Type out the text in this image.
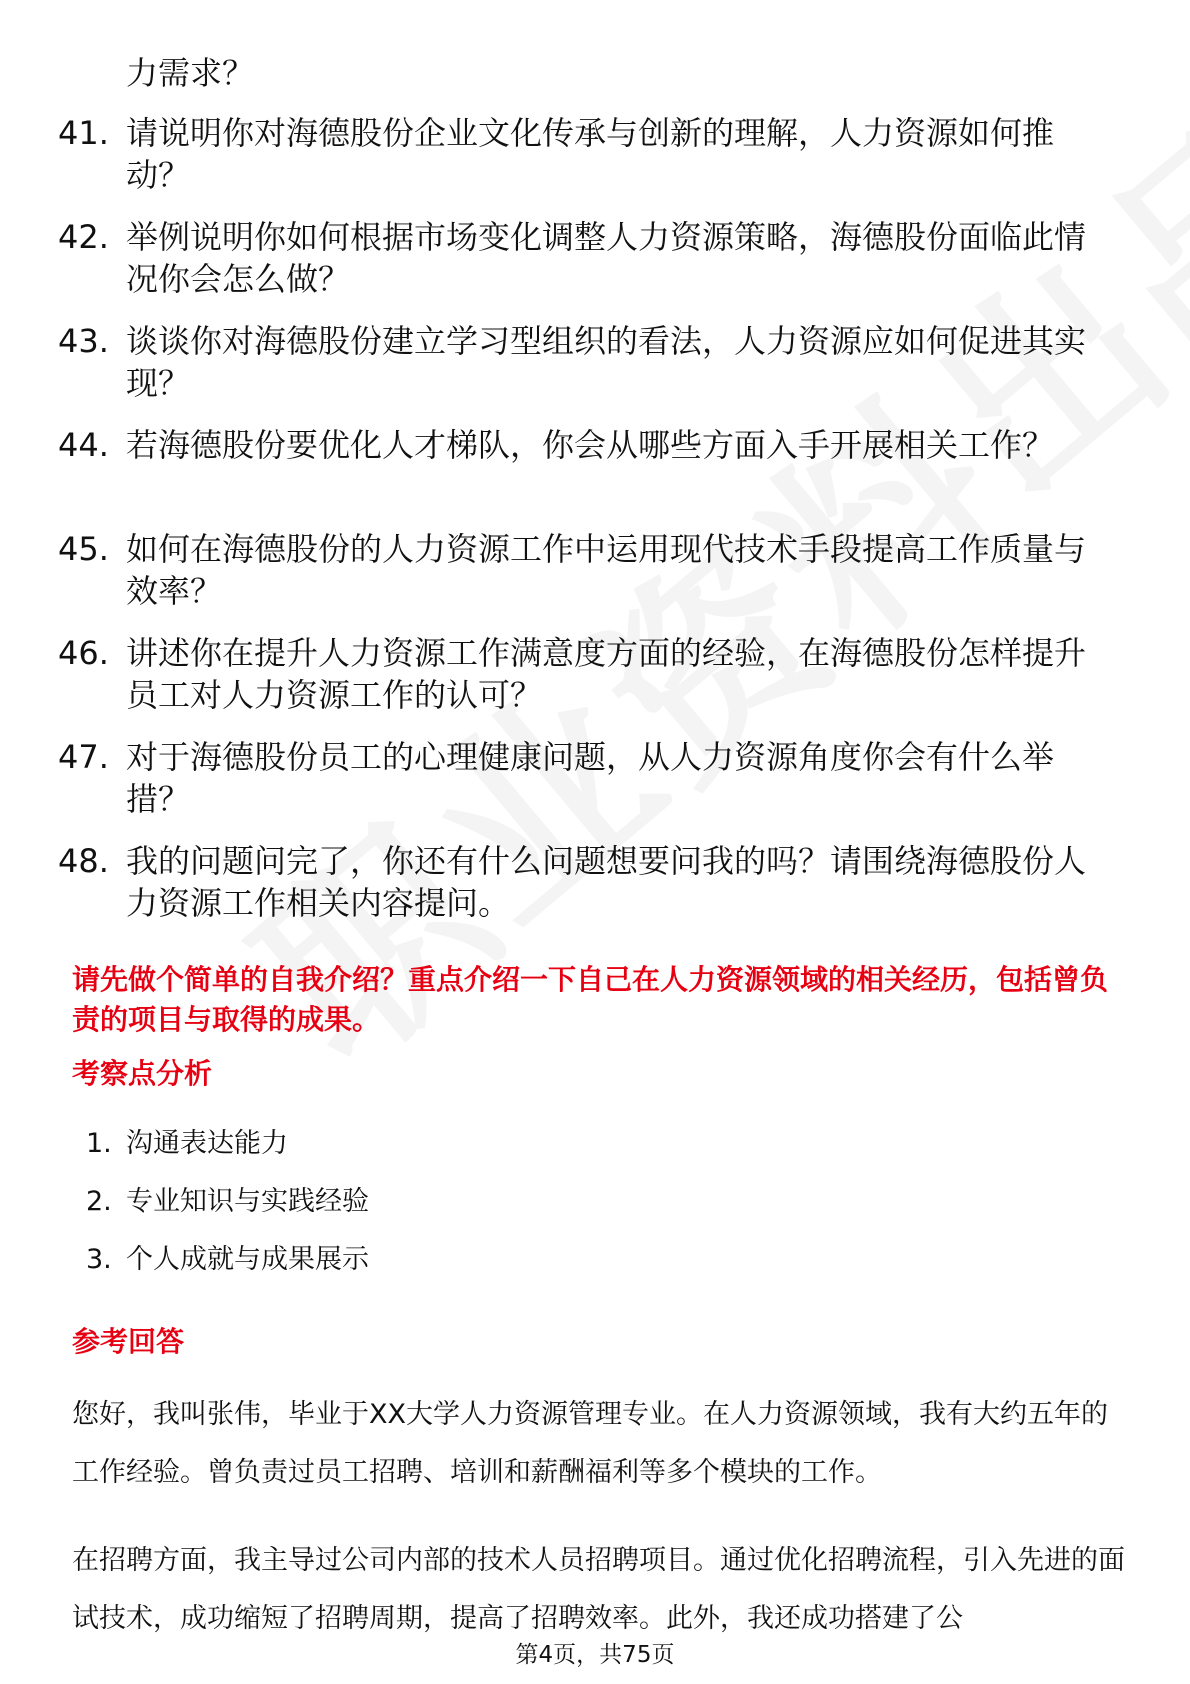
力需求？
41. 请说明你对海德股份企业文化传承与创新的理解，人力资源如何推动？
42. 举例说明你如何根据市场变化调整人力资源策略，海德股份面临此情况你会怎么做？
43. 谈谈你对海德股份建立学习型组织的看法，人力资源应如何促进其实现？
44. 若海德股份要优化人才梯队，你会从哪些方面入手开展相关工作？
45. 如何在海德股份的人力资源工作中运用现代技术手段提高工作质量与效率？
46. 讲述你在提升人力资源工作满意度方面的经验，在海德股份怎样提升员工对人力资源工作的认可？
47. 对于海德股份员工的心理健康问题，从人力资源角度你会有什么举措？
48. 我的问题问完了，你还有什么问题想要问我的吗？请围绕海德股份人力资源工作相关内容提问。
请先做个简单的自我介绍？重点介绍一下自己在人力资源领域的相关经历，包括曾负责的项目与取得的成果。
考察点分析
1. 沟通表达能力
2. 专业知识与实践经验
3. 个人成就与成果展示
参考回答
您好，我叫张伟，毕业于XX大学人力资源管理专业。在人力资源领域，我有大约五年的工作经验。曾负责过员工招聘、培训和薪酬福利等多个模块的工作。
在招聘方面，我主导过公司内部的技术人员招聘项目。通过优化招聘流程，引入先进的面试技术，成功缩短了招聘周期，提高了招聘效率。此外，我还成功搭建了公
第4页，共75页
